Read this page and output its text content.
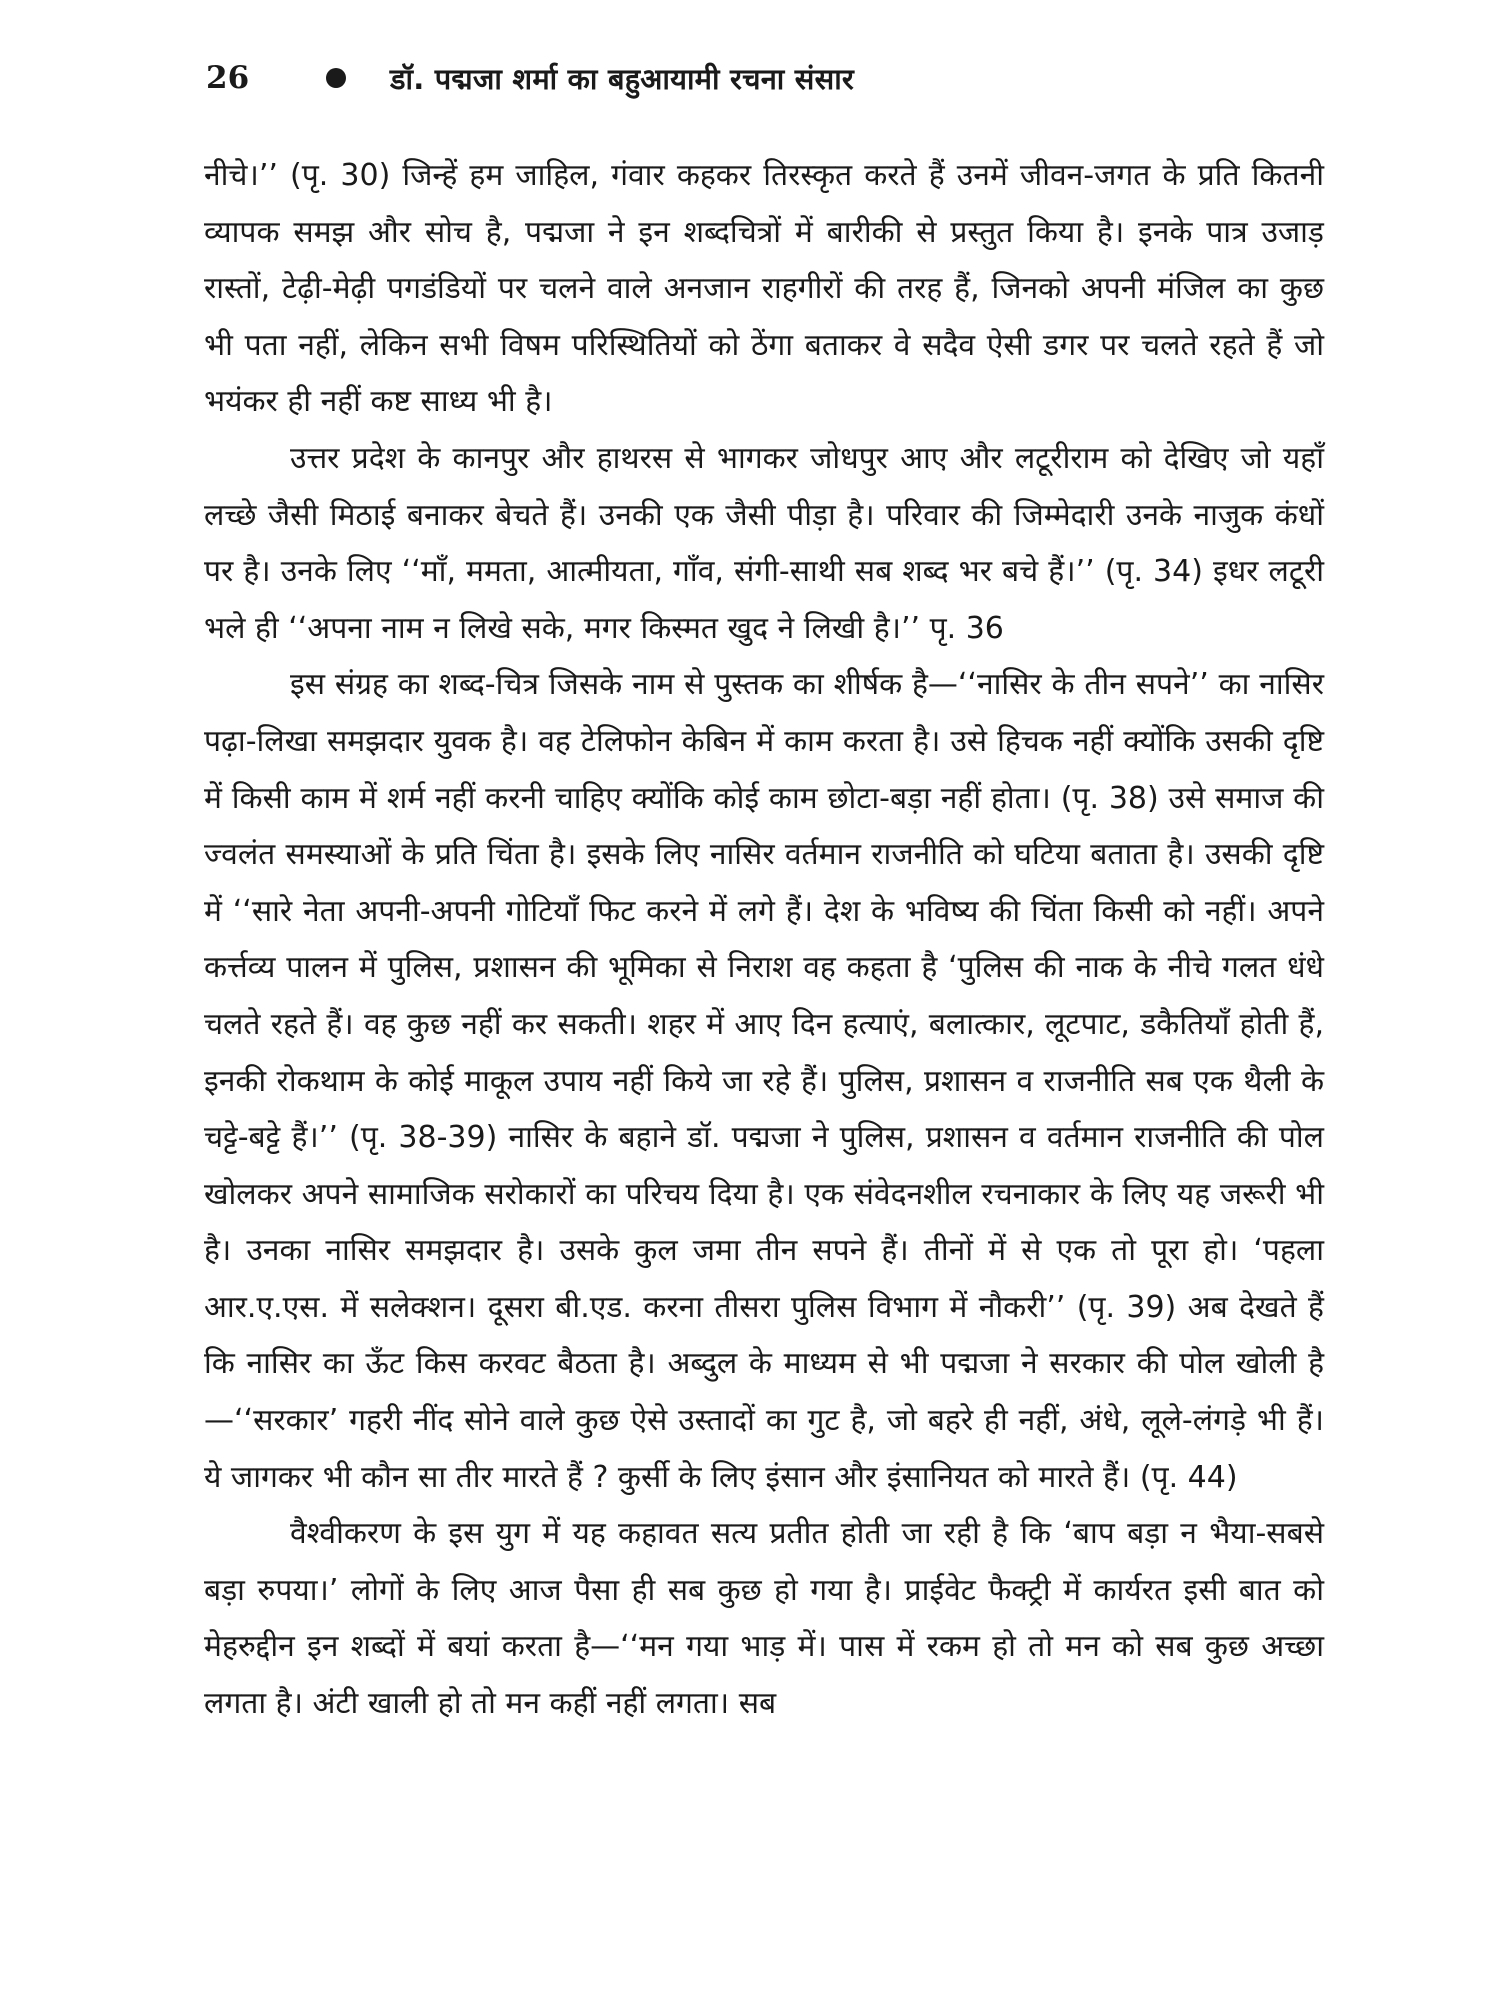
26	डॉ. पद्मजा शर्मा का बहुआयामी रचना संसार

नीचे।’’ (पृ. 30) जिन्हें हम जाहिल, गंवार कहकर तिरस्कृत करते हैं उनमें जीवन-जगत के प्रति कितनी व्यापक समझ और सोच है, पद्मजा ने इन शब्दचित्रों में बारीकी से प्रस्तुत किया है। इनके पात्र उजाड़ रास्तों, टेढ़ी-मेढ़ी पगडंडियों पर चलने वाले अनजान राहगीरों की तरह हैं, जिनको अपनी मंजिल का कुछ भी पता नहीं, लेकिन सभी विषम परिस्थितियों को ठेंगा बताकर वे सदैव ऐसी डगर पर चलते रहते हैं जो भयंकर ही नहीं कष्ट साध्य भी है।

उत्तर प्रदेश के कानपुर और हाथरस से भागकर जोधपुर आए और लटूरीराम को देखिए जो यहाँ लच्छे जैसी मिठाई बनाकर बेचते हैं। उनकी एक जैसी पीड़ा है। परिवार की जिम्मेदारी उनके नाजुक कंधों पर है। उनके लिए ‘‘माँ, ममता, आत्मीयता, गाँव, संगी-साथी सब शब्द भर बचे हैं।’’ (पृ. 34) इधर लटूरी भले ही ‘‘अपना नाम न लिखे सके, मगर किस्मत खुद ने लिखी है।’’ पृ. 36

इस संग्रह का शब्द-चित्र जिसके नाम से पुस्तक का शीर्षक है—‘‘नासिर के तीन सपने’’ का नासिर पढ़ा-लिखा समझदार युवक है। वह टेलिफोन केबिन में काम करता है। उसे हिचक नहीं क्योंकि उसकी दृष्टि में किसी काम में शर्म नहीं करनी चाहिए क्योंकि कोई काम छोटा-बड़ा नहीं होता। (पृ. 38) उसे समाज की ज्वलंत समस्याओं के प्रति चिंता है। इसके लिए नासिर वर्तमान राजनीति को घटिया बताता है। उसकी दृष्टि में ‘‘सारे नेता अपनी-अपनी गोटियाँ फिट करने में लगे हैं। देश के भविष्य की चिंता किसी को नहीं। अपने कर्त्तव्य पालन में पुलिस, प्रशासन की भूमिका से निराश वह कहता है ‘पुलिस की नाक के नीचे गलत धंधे चलते रहते हैं। वह कुछ नहीं कर सकती। शहर में आए दिन हत्याएं, बलात्कार, लूटपाट, डकैतियाँ होती हैं, इनकी रोकथाम के कोई माकूल उपाय नहीं किये जा रहे हैं। पुलिस, प्रशासन व राजनीति सब एक थैली के चट्टे-बट्टे हैं।’’ (पृ. 38-39) नासिर के बहाने डॉ. पद्मजा ने पुलिस, प्रशासन व वर्तमान राजनीति की पोल खोलकर अपने सामाजिक सरोकारों का परिचय दिया है। एक संवेदनशील रचनाकार के लिए यह जरूरी भी है। उनका नासिर समझदार है। उसके कुल जमा तीन सपने हैं। तीनों में से एक तो पूरा हो। ‘पहला आर.ए.एस. में सलेक्शन। दूसरा बी.एड. करना तीसरा पुलिस विभाग में नौकरी’’ (पृ. 39) अब देखते हैं कि नासिर का ऊँट किस करवट बैठता है। अब्दुल के माध्यम से भी पद्मजा ने सरकार की पोल खोली है—‘‘सरकार’ गहरी नींद सोने वाले कुछ ऐसे उस्तादों का गुट है, जो बहरे ही नहीं, अंधे, लूले-लंगड़े भी हैं। ये जागकर भी कौन सा तीर मारते हैं ? कुर्सी के लिए इंसान और इंसानियत को मारते हैं। (पृ. 44)

वैश्वीकरण के इस युग में यह कहावत सत्य प्रतीत होती जा रही है कि ‘बाप बड़ा न भैया-सबसे बड़ा रुपया।’ लोगों के लिए आज पैसा ही सब कुछ हो गया है। प्राईवेट फैक्ट्री में कार्यरत इसी बात को मेहरुद्दीन इन शब्दों में बयां करता है—‘‘मन गया भाड़ में। पास में रकम हो तो मन को सब कुछ अच्छा लगता है। अंटी खाली हो तो मन कहीं नहीं लगता। सब
